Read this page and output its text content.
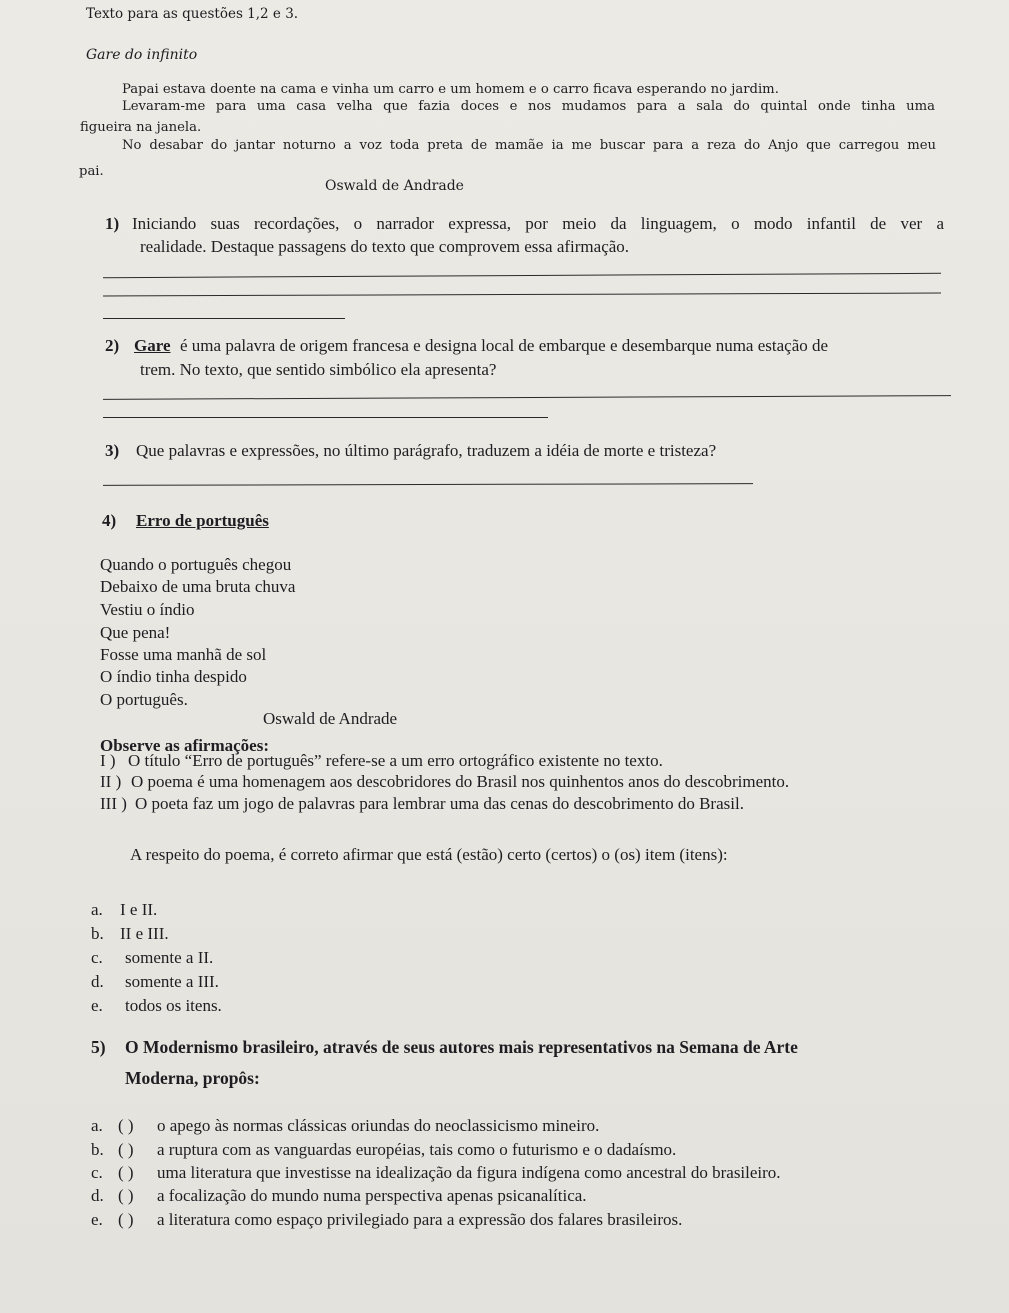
Texto para as questões 1,2 e 3.
Gare do infinito
Papai estava doente na cama e vinha um carro e um homem e o carro ficava esperando no jardim.
Levaram-me para uma casa velha que fazia doces e nos mudamos para a sala do quintal onde tinha uma
figueira na janela.
No desabar do jantar noturno a voz toda preta de mamãe ia me buscar para a reza do Anjo que carregou meu
pai.
Oswald de Andrade
1) Iniciando suas recordações, o narrador expressa, por meio da linguagem, o modo infantil de ver a
realidade. Destaque passagens do texto que comprovem essa afirmação.
2) Gare é uma palavra de origem francesa e designa local de embarque e desembarque numa estação de
trem. No texto, que sentido simbólico ela apresenta?
3) Que palavras e expressões, no último parágrafo, traduzem a idéia de morte e tristeza?
4) Erro de português
Quando o português chegou
Debaixo de uma bruta chuva
Vestiu o índio
Que pena!
Fosse uma manhã de sol
O índio tinha despido
O português.
Oswald de Andrade
Observe as afirmações:
I ) O título “Erro de português” refere-se a um erro ortográfico existente no texto.
II ) O poema é uma homenagem aos descobridores do Brasil nos quinhentos anos do descobrimento.
III ) O poeta faz um jogo de palavras para lembrar uma das cenas do descobrimento do Brasil.
A respeito do poema, é correto afirmar que está (estão) certo (certos) o (os) item (itens):
a. I e II.
b. II e III.
c. somente a II.
d. somente a III.
e. todos os itens.
5) O Modernismo brasileiro, através de seus autores mais representativos na Semana de Arte
Moderna, propôs:
a. ( ) o apego às normas clássicas oriundas do neoclassicismo mineiro.
b. ( ) a ruptura com as vanguardas européias, tais como o futurismo e o dadaísmo.
c. ( ) uma literatura que investisse na idealização da figura indígena como ancestral do brasileiro.
d. ( ) a focalização do mundo numa perspectiva apenas psicanalítica.
e. ( ) a literatura como espaço privilegiado para a expressão dos falares brasileiros.
